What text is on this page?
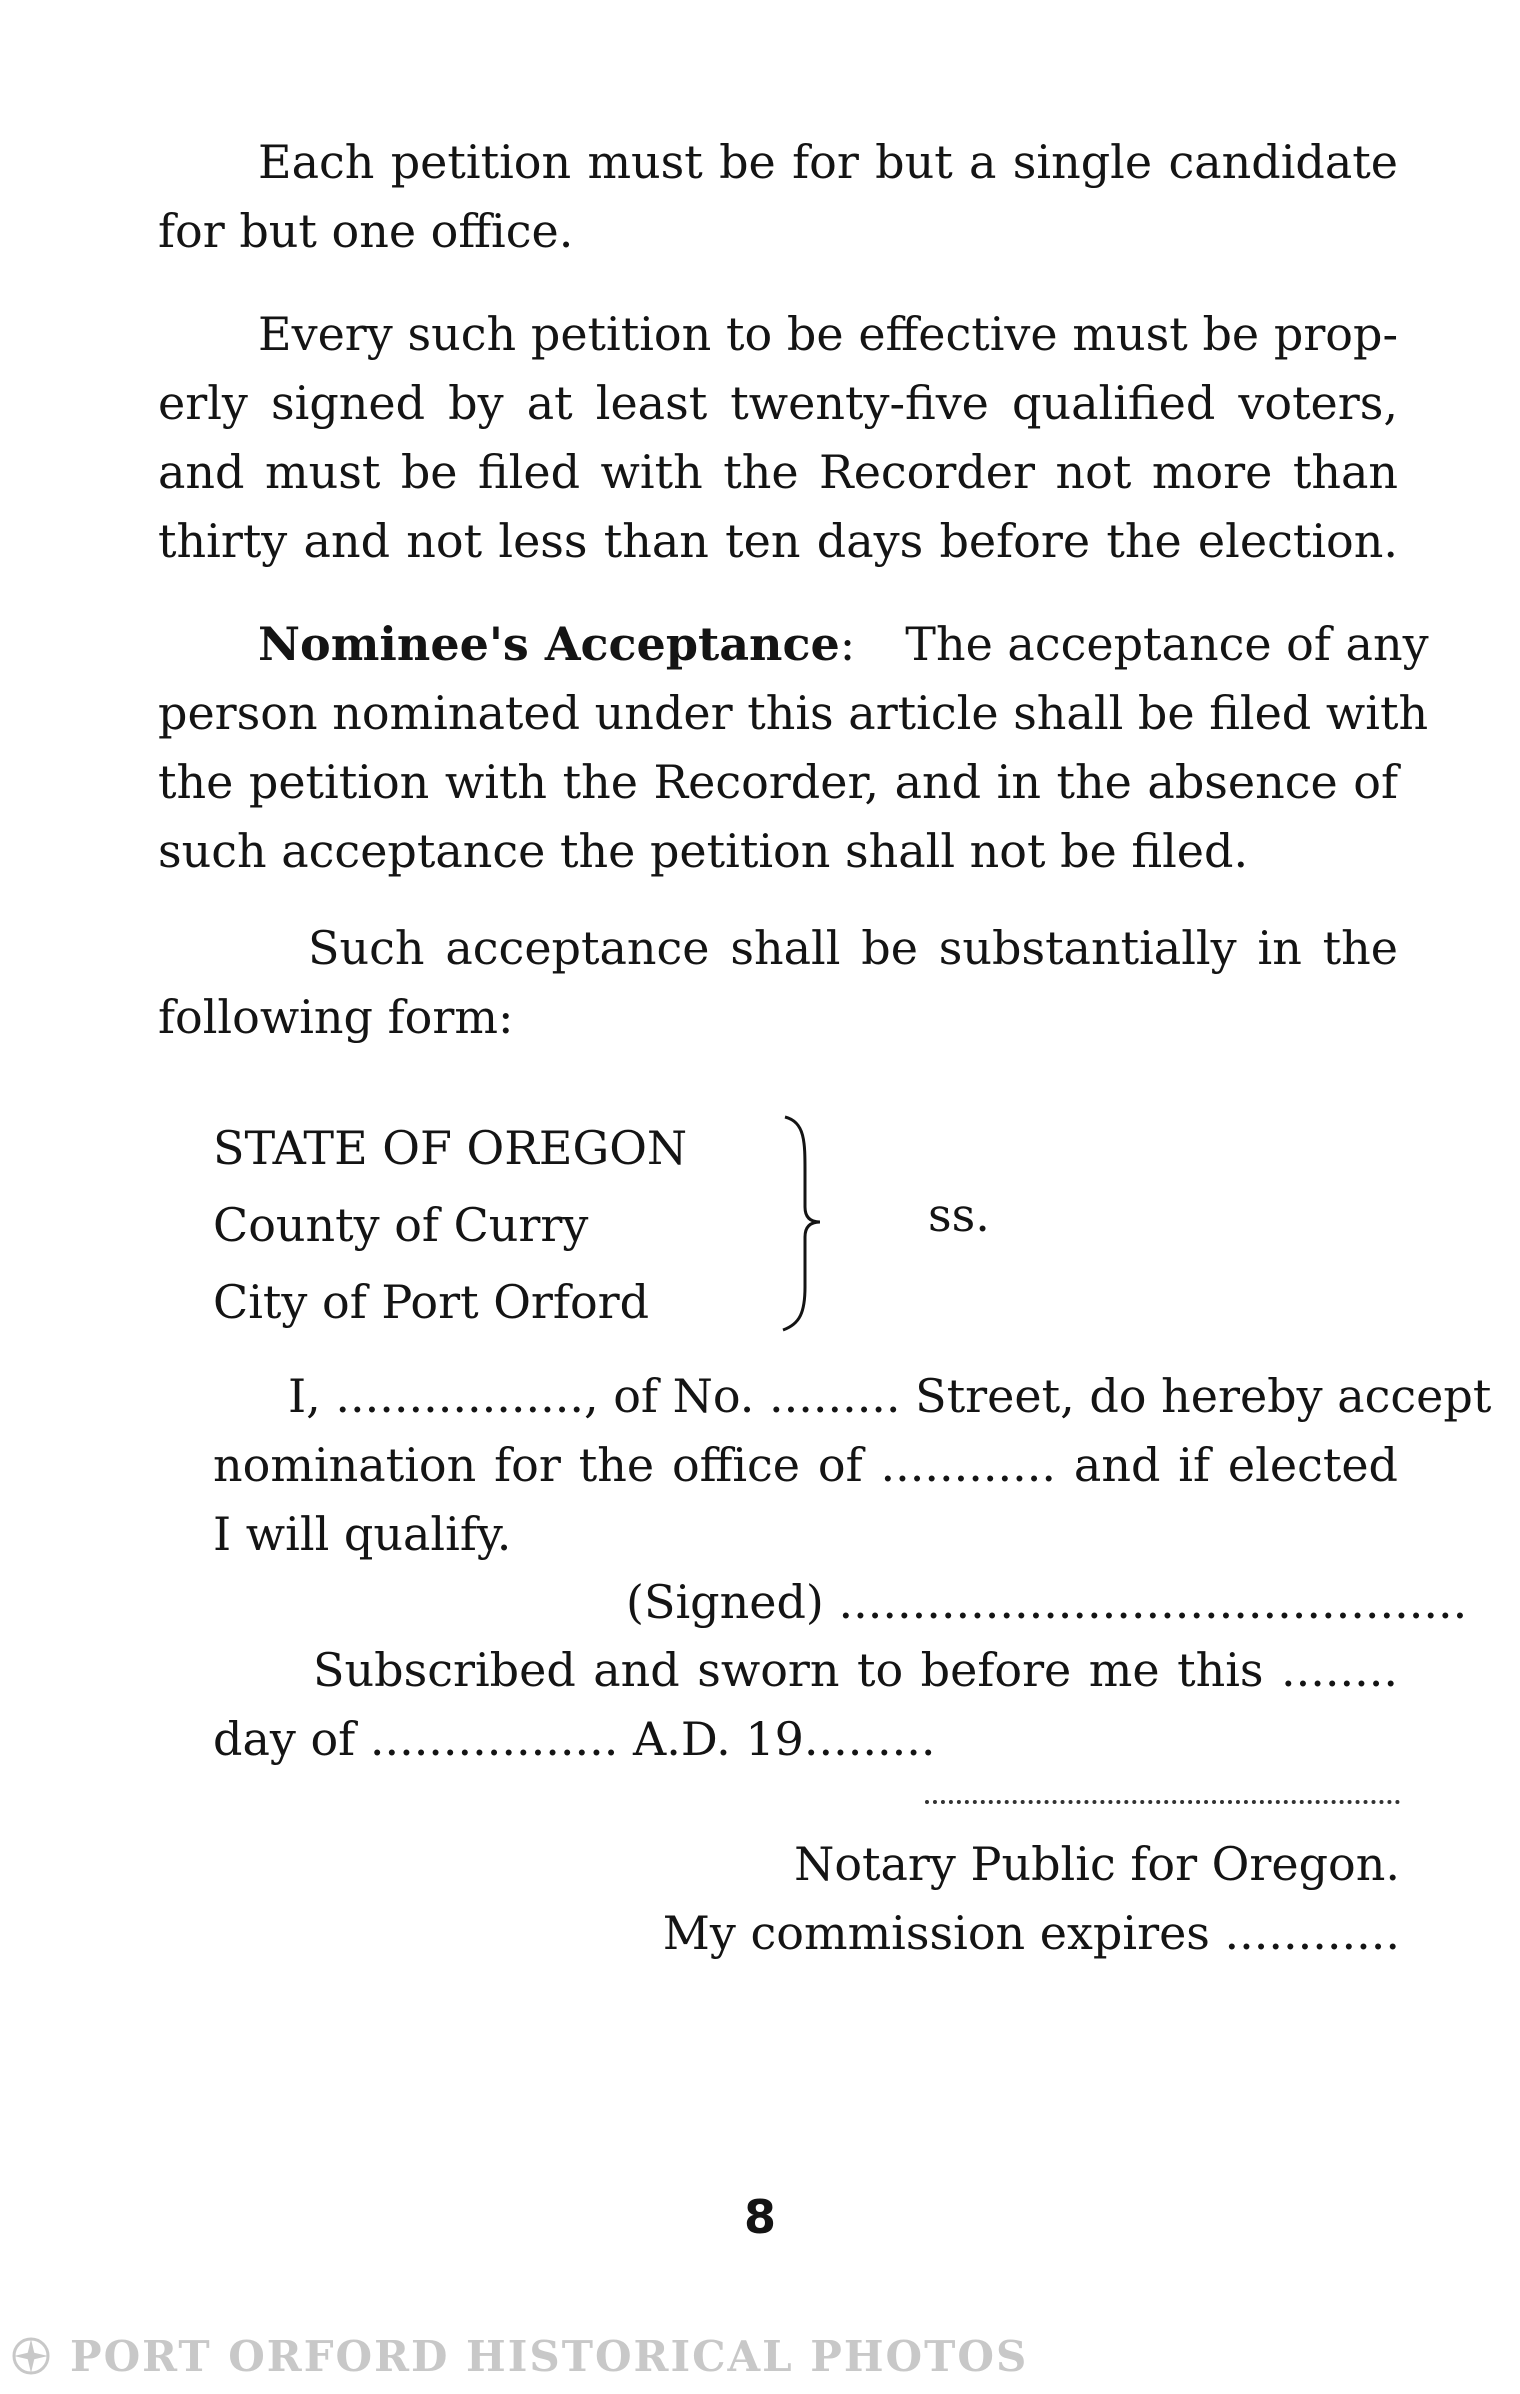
Each petition must be for but a single candidate
for but one office.
Every such petition to be effective must be prop-
erly signed by at least twenty-five qualified voters,
and must be filed with the Recorder not more than
thirty and not less than ten days before the election.
Nominee's Acceptance: The acceptance of any
person nominated under this article shall be filed with
the petition with the Recorder, and in the absence of
such acceptance the petition shall not be filed.
Such acceptance shall be substantially in the
following form:
STATE OF OREGON
County of Curry
City of Port Orford
ss.
I, ................., of No. ......... Street, do hereby accept
nomination for the office of ............ and if elected
I will qualify.
(Signed) ...........................................
Subscribed and sworn to before me this ........
day of ................. A.D. 19.........
Notary Public for Oregon.
My commission expires ............
8
PORT ORFORD HISTORICAL PHOTOS
